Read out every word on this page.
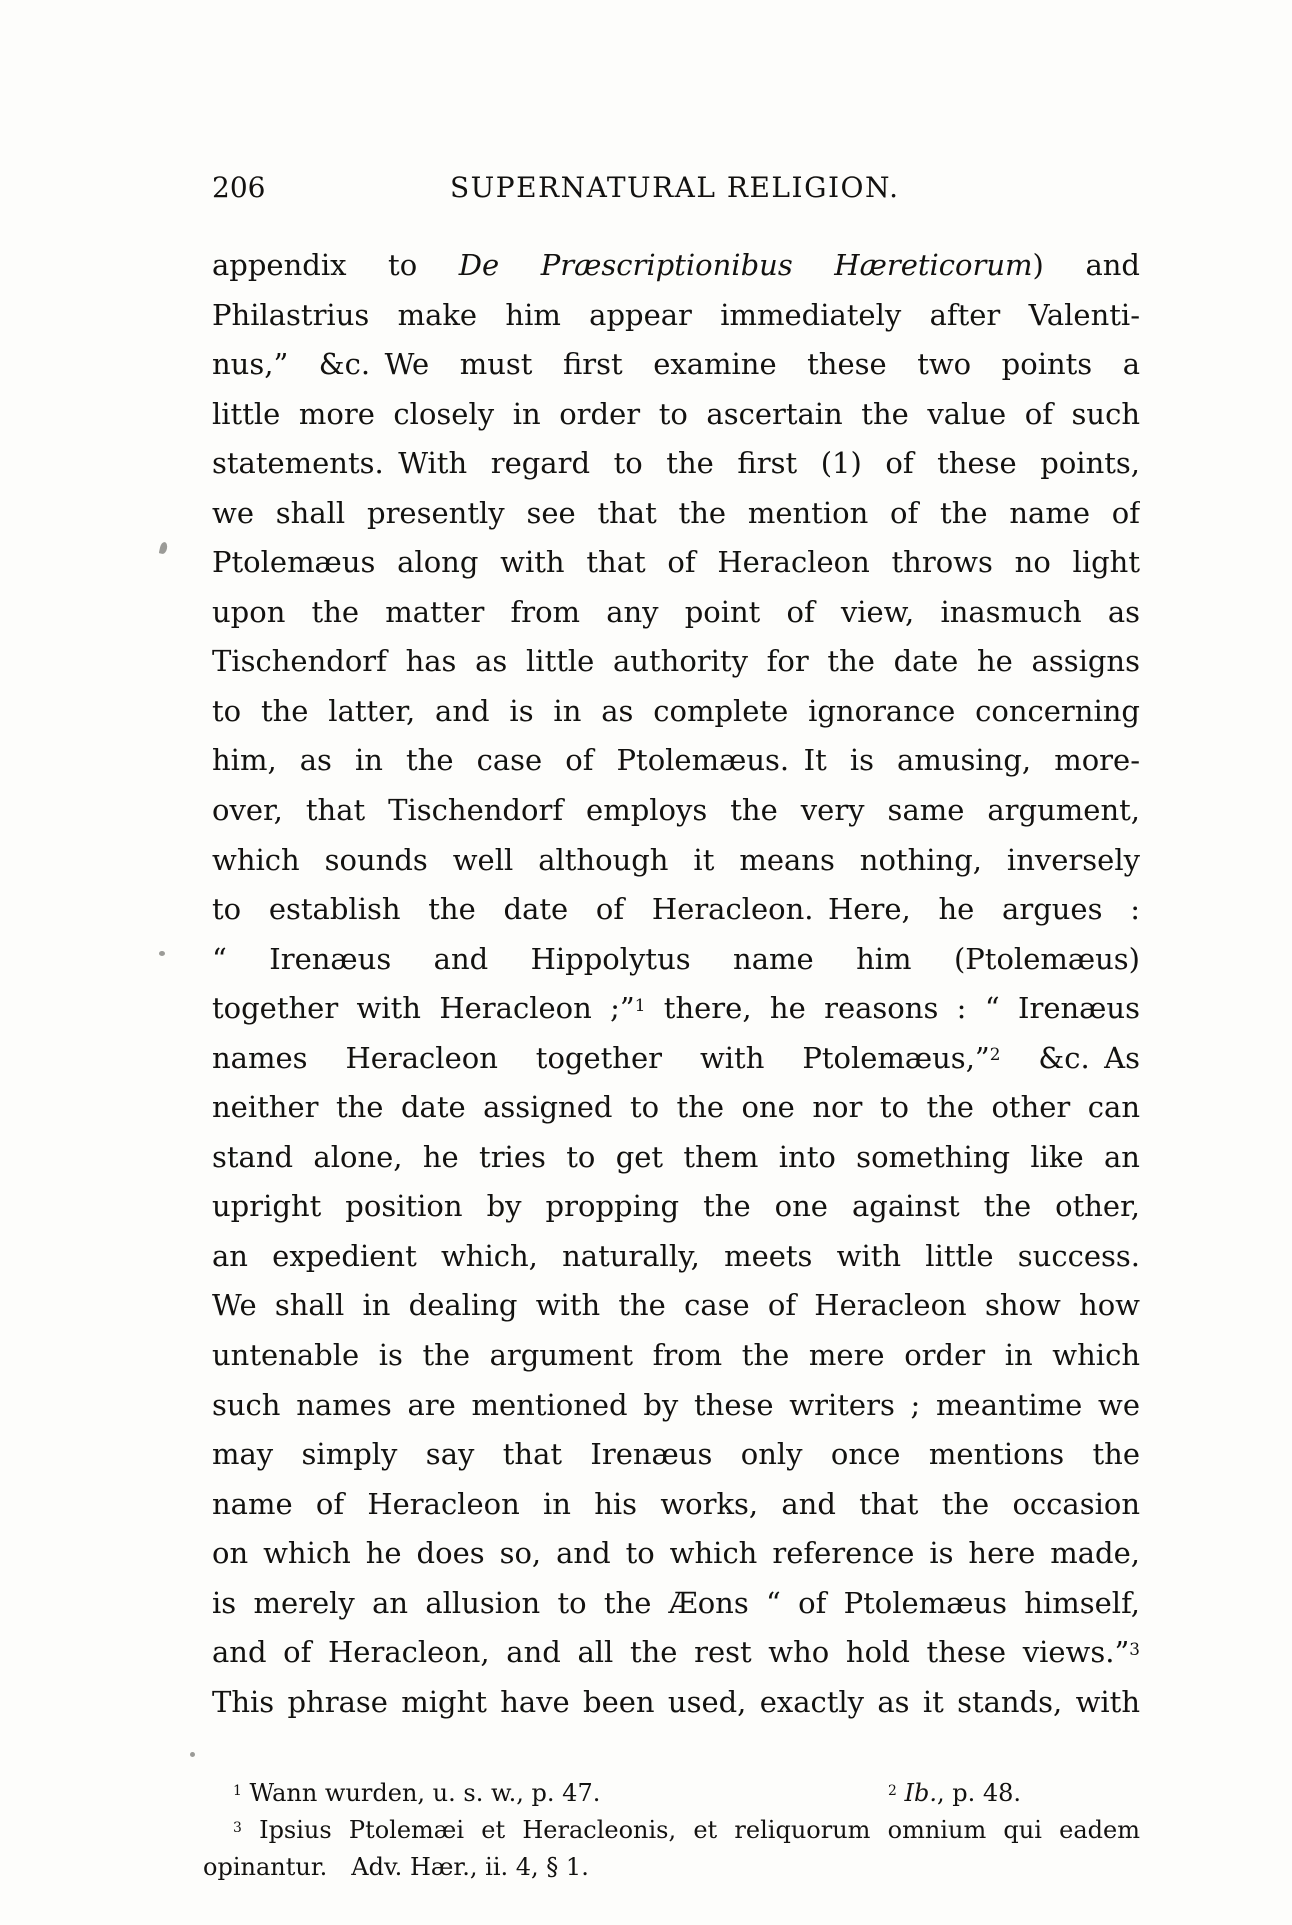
206	SUPERNATURAL RELIGION.
appendix to De Præscriptionibus Hæreticorum) and
Philastrius make him appear immediately after Valenti-
nus,” &c. We must first examine these two points a
little more closely in order to ascertain the value of such
statements. With regard to the first (1) of these points,
we shall presently see that the mention of the name of
Ptolemæus along with that of Heracleon throws no light
upon the matter from any point of view, inasmuch as
Tischendorf has as little authority for the date he assigns
to the latter, and is in as complete ignorance concerning
him, as in the case of Ptolemæus. It is amusing, more-
over, that Tischendorf employs the very same argument,
which sounds well although it means nothing, inversely
to establish the date of Heracleon. Here, he argues :
“ Irenæus and Hippolytus name him (Ptolemæus)
together with Heracleon ;”$^1$ there, he reasons : “ Irenæus
names Heracleon together with Ptolemæus,”$^2$ &c. As
neither the date assigned to the one nor to the other can
stand alone, he tries to get them into something like an
upright position by propping the one against the other,
an expedient which, naturally, meets with little success.
We shall in dealing with the case of Heracleon show how
untenable is the argument from the mere order in which
such names are mentioned by these writers ; meantime we
may simply say that Irenæus only once mentions the
name of Heracleon in his works, and that the occasion
on which he does so, and to which reference is here made,
is merely an allusion to the Æons “ of Ptolemæus himself,
and of Heracleon, and all the rest who hold these views.”$^3$
This phrase might have been used, exactly as it stands, with
$^1$ Wann wurden, u. s. w., p. 47.	$^2$ Ib., p. 48.
$^3$ Ipsius Ptolemæi et Heracleonis, et reliquorum omnium qui eadem
opinantur.  Adv. Hær., ii. 4, § 1.
